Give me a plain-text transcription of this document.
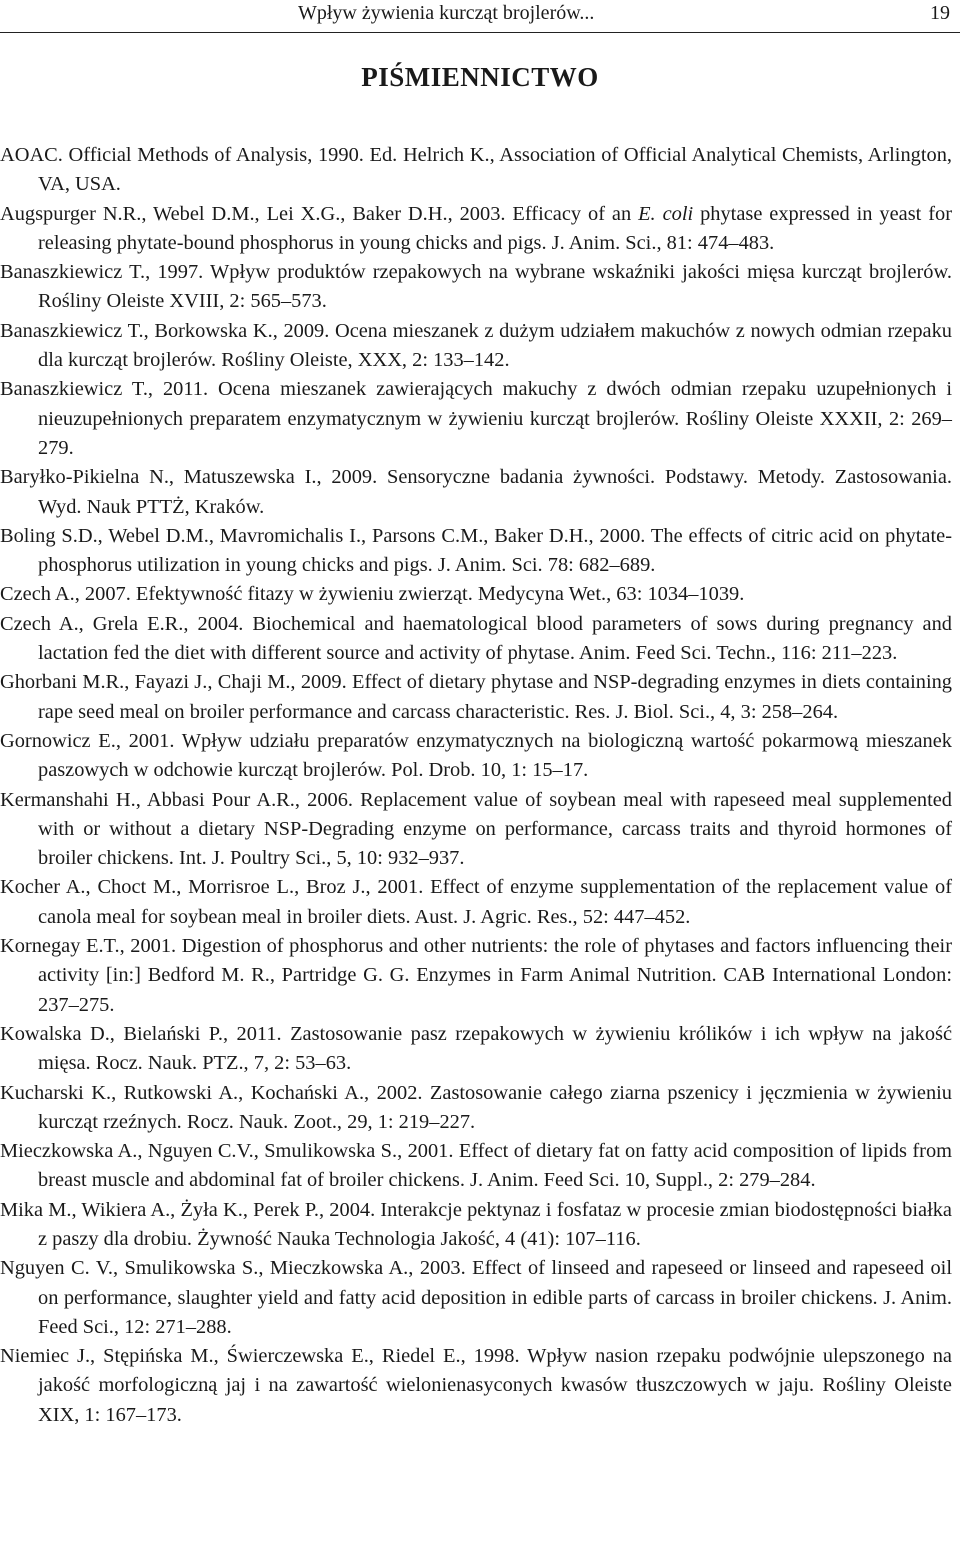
Wpływ żywienia kurcząt brojlerów...	19
PIŚMIENNICTWO
AOAC. Official Methods of Analysis, 1990. Ed. Helrich K., Association of Official Analytical Chemists, Arlington, VA, USA.
Augspurger N.R., Webel D.M., Lei X.G., Baker D.H., 2003. Efficacy of an E. coli phytase expressed in yeast for releasing phytate-bound phosphorus in young chicks and pigs. J. Anim. Sci., 81: 474–483.
Banaszkiewicz T., 1997. Wpływ produktów rzepakowych na wybrane wskaźniki jakości mięsa kurcząt brojlerów. Rośliny Oleiste XVIII, 2: 565–573.
Banaszkiewicz T., Borkowska K., 2009. Ocena mieszanek z dużym udziałem makuchów z nowych odmian rzepaku dla kurcząt brojlerów. Rośliny Oleiste, XXX, 2: 133–142.
Banaszkiewicz T., 2011. Ocena mieszanek zawierających makuchy z dwóch odmian rzepaku uzupełnionych i nieuzupełnionych preparatem enzymatycznym w żywieniu kurcząt brojlerów. Rośliny Oleiste XXXII, 2: 269–279.
Baryłko-Pikielna N., Matuszewska I., 2009. Sensoryczne badania żywności. Podstawy. Metody. Zastosowania. Wyd. Nauk PTTŻ, Kraków.
Boling S.D., Webel D.M., Mavromichalis I., Parsons C.M., Baker D.H., 2000. The effects of citric acid on phytate-phosphorus utilization in young chicks and pigs. J. Anim. Sci. 78: 682–689.
Czech A., 2007. Efektywność fitazy w żywieniu zwierząt. Medycyna Wet., 63: 1034–1039.
Czech A., Grela E.R., 2004. Biochemical and haematological blood parameters of sows during pregnancy and lactation fed the diet with different source and activity of phytase. Anim. Feed Sci. Techn., 116: 211–223.
Ghorbani M.R., Fayazi J., Chaji M., 2009. Effect of dietary phytase and NSP-degrading enzymes in diets containing rape seed meal on broiler performance and carcass characteristic. Res. J. Biol. Sci., 4, 3: 258–264.
Gornowicz E., 2001. Wpływ udziału preparatów enzymatycznych na biologiczną wartość pokarmową mieszanek paszowych w odchowie kurcząt brojlerów. Pol. Drob. 10, 1: 15–17.
Kermanshahi H., Abbasi Pour A.R., 2006. Replacement value of soybean meal with rapeseed meal supplemented with or without a dietary NSP-Degrading enzyme on performance, carcass traits and thyroid hormones of broiler chickens. Int. J. Poultry Sci., 5, 10: 932–937.
Kocher A., Choct M., Morrisroe L., Broz J., 2001. Effect of enzyme supplementation of the replacement value of canola meal for soybean meal in broiler diets. Aust. J. Agric. Res., 52: 447–452.
Kornegay E.T., 2001. Digestion of phosphorus and other nutrients: the role of phytases and factors influencing their activity [in:] Bedford M. R., Partridge G. G. Enzymes in Farm Animal Nutrition. CAB International London: 237–275.
Kowalska D., Bielański P., 2011. Zastosowanie pasz rzepakowych w żywieniu królików i ich wpływ na jakość mięsa. Rocz. Nauk. PTZ., 7, 2: 53–63.
Kucharski K., Rutkowski A., Kochański A., 2002. Zastosowanie całego ziarna pszenicy i jęczmienia w żywieniu kurcząt rzeźnych. Rocz. Nauk. Zoot., 29, 1: 219–227.
Mieczkowska A., Nguyen C.V., Smulikowska S., 2001. Effect of dietary fat on fatty acid composition of lipids from breast muscle and abdominal fat of broiler chickens. J. Anim. Feed Sci. 10, Suppl., 2: 279–284.
Mika M., Wikiera A., Żyła K., Perek P., 2004. Interakcje pektynaz i fosfataz w procesie zmian biodostępności białka z paszy dla drobiu. Żywność Nauka Technologia Jakość, 4 (41): 107–116.
Nguyen C. V., Smulikowska S., Mieczkowska A., 2003. Effect of linseed and rapeseed or linseed and rapeseed oil on performance, slaughter yield and fatty acid deposition in edible parts of carcass in broiler chickens. J. Anim. Feed Sci., 12: 271–288.
Niemiec J., Stępińska M., Świerczewska E., Riedel E., 1998. Wpływ nasion rzepaku podwójnie ulepszonego na jakość morfologiczną jaj i na zawartość wielonienasyconych kwasów tłuszczowych w jaju. Rośliny Oleiste XIX, 1: 167–173.
